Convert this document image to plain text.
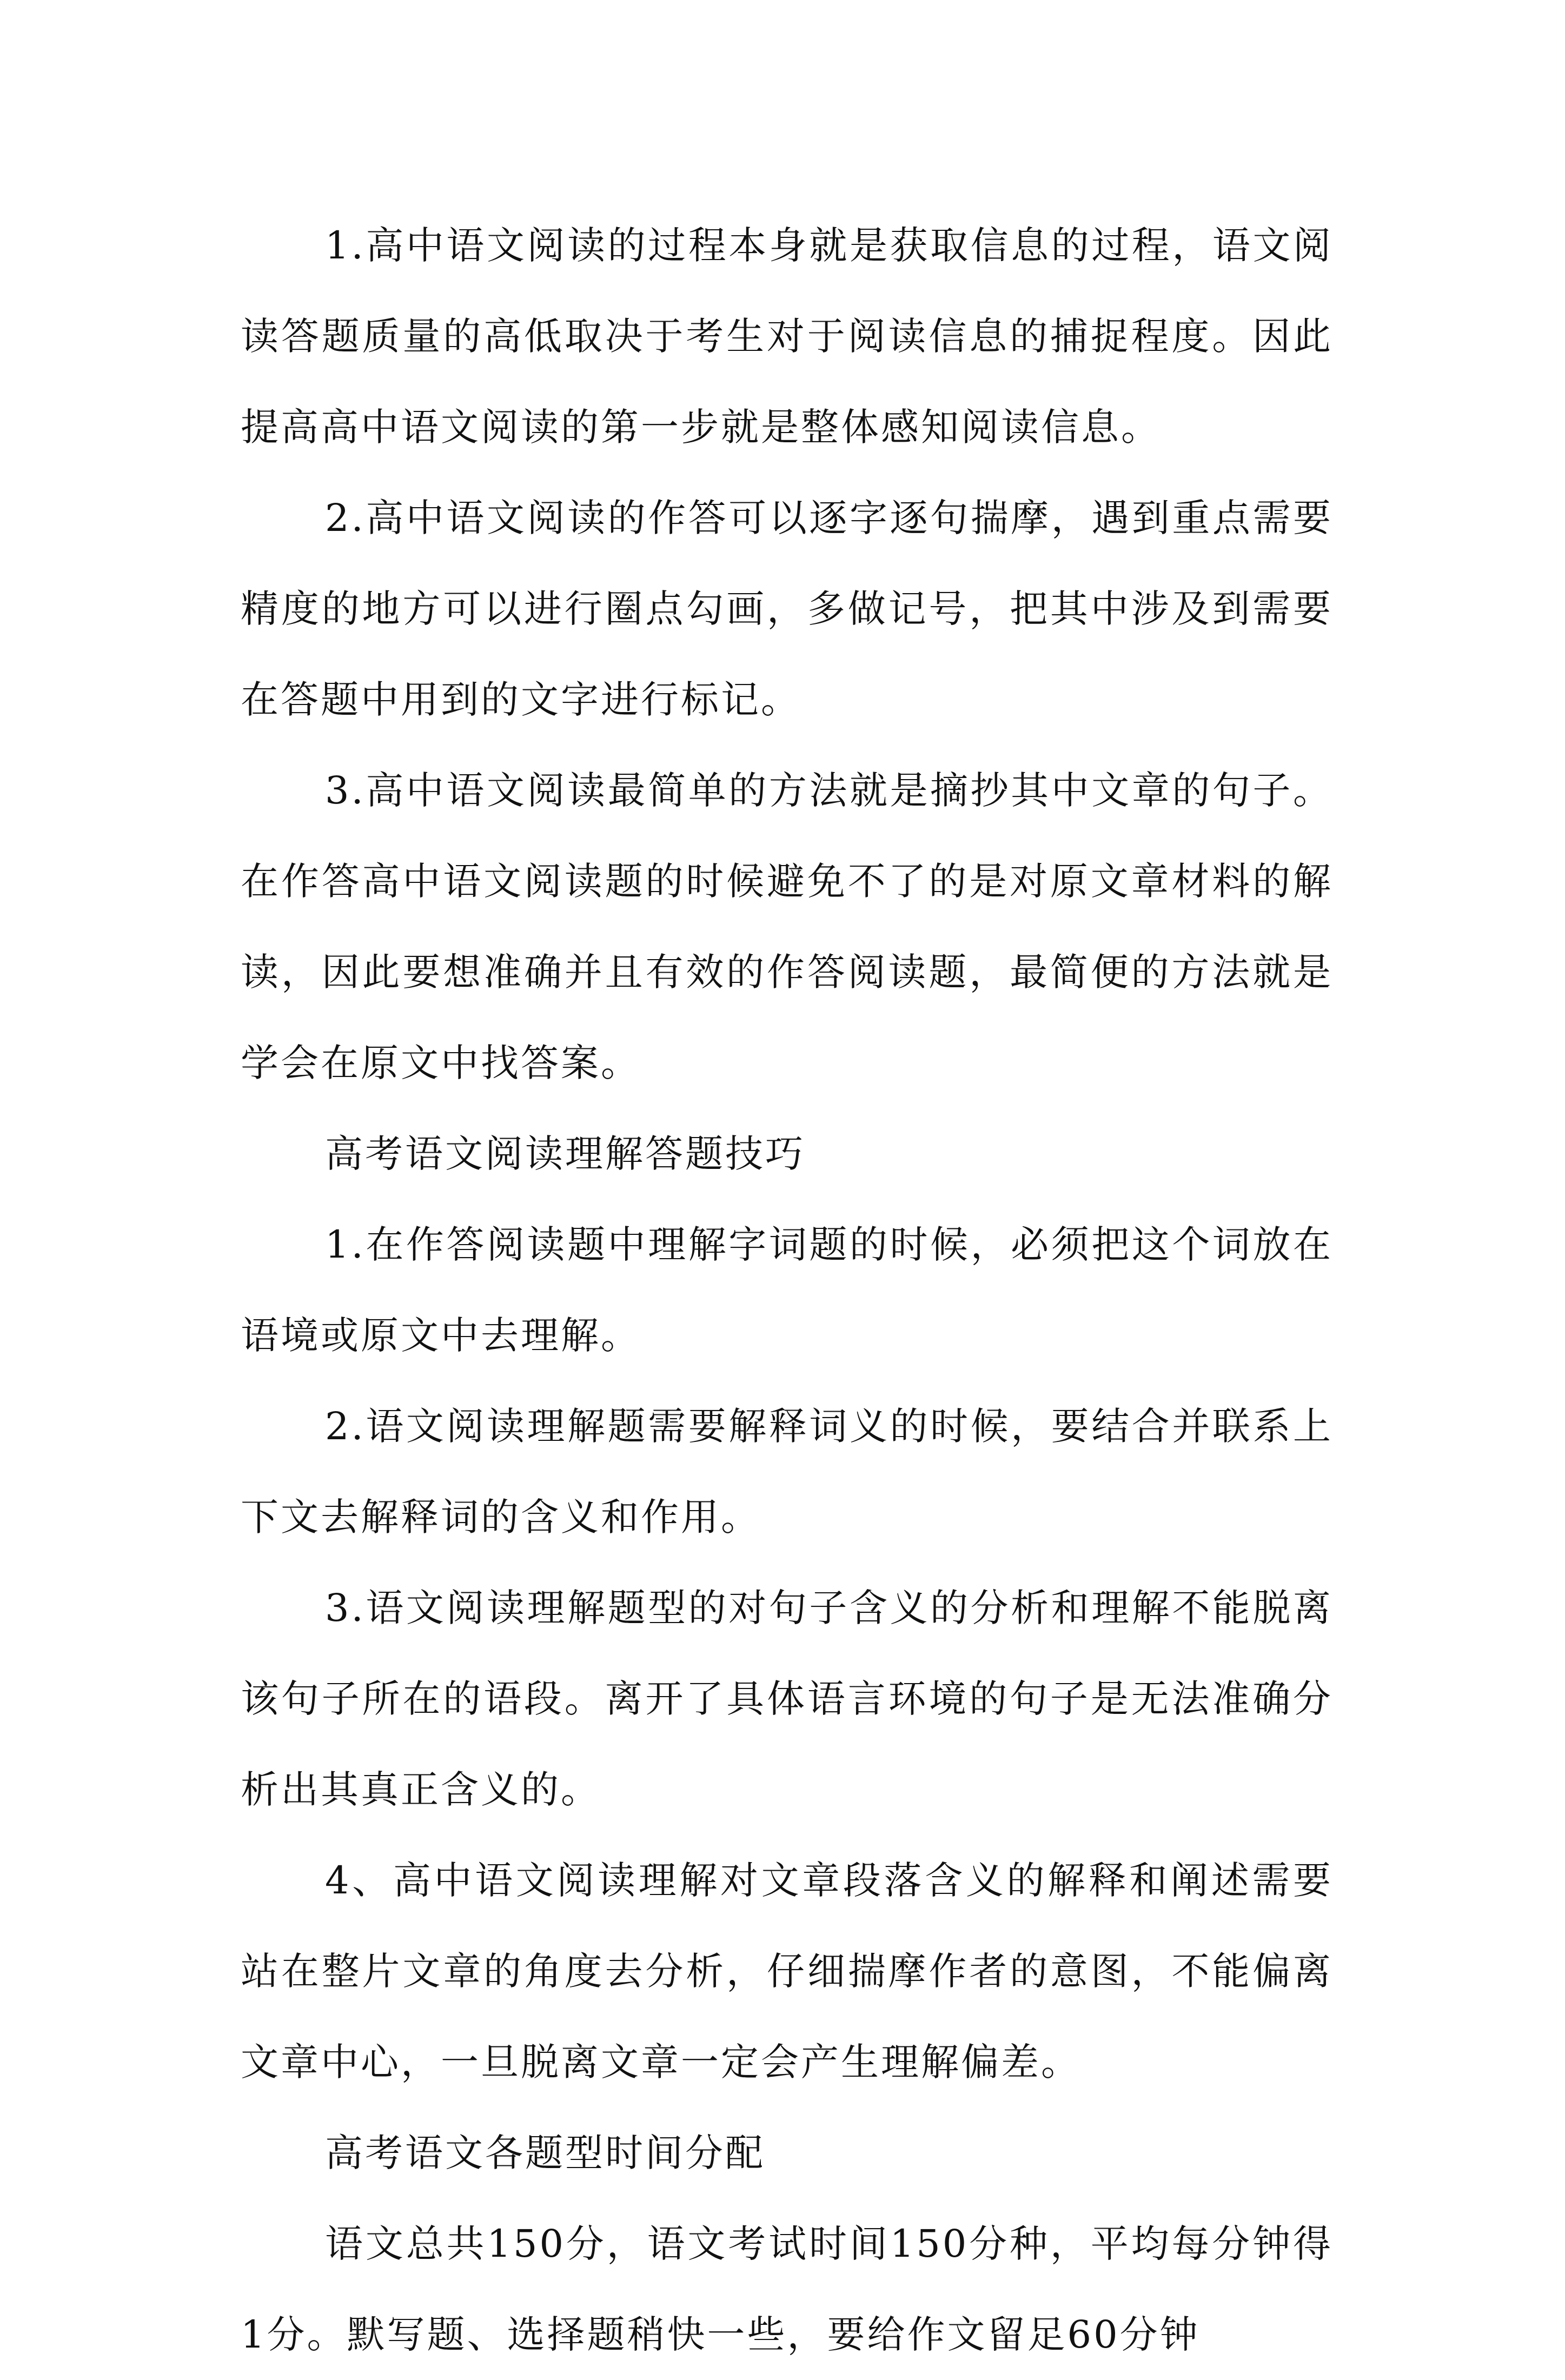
1.高中语文阅读的过程本身就是获取信息的过程，语文阅读答题质量的高低取决于考生对于阅读信息的捕捉程度。因此提高高中语文阅读的第一步就是整体感知阅读信息。

2.高中语文阅读的作答可以逐字逐句揣摩，遇到重点需要精度的地方可以进行圈点勾画，多做记号，把其中涉及到需要在答题中用到的文字进行标记。

3.高中语文阅读最简单的方法就是摘抄其中文章的句子。在作答高中语文阅读题的时候避免不了的是对原文章材料的解读，因此要想准确并且有效的作答阅读题，最简便的方法就是学会在原文中找答案。

高考语文阅读理解答题技巧

1.在作答阅读题中理解字词题的时候，必须把这个词放在语境或原文中去理解。

2.语文阅读理解题需要解释词义的时候，要结合并联系上下文去解释词的含义和作用。

3.语文阅读理解题型的对句子含义的分析和理解不能脱离该句子所在的语段。离开了具体语言环境的句子是无法准确分析出其真正含义的。

4、高中语文阅读理解对文章段落含义的解释和阐述需要站在整片文章的角度去分析，仔细揣摩作者的意图，不能偏离文章中心，一旦脱离文章一定会产生理解偏差。

高考语文各题型时间分配

语文总共150分，语文考试时间150分种，平均每分钟得1分。默写题、选择题稍快一些，要给作文留足60分钟
